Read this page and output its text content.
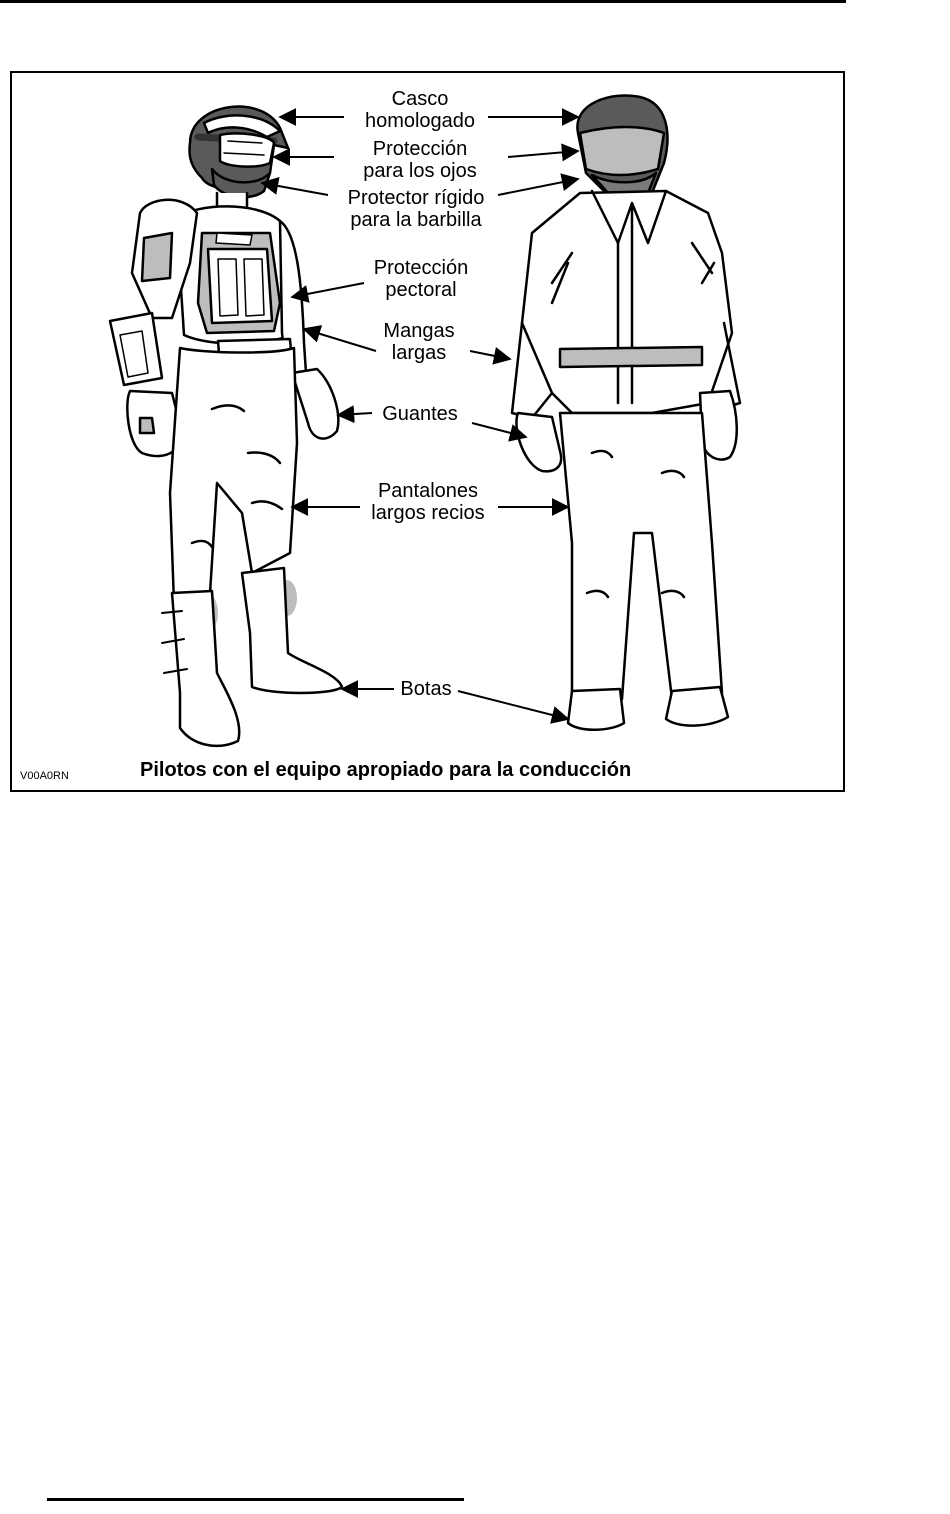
Casco
homologado
Protección
para los ojos
Protector rígido
para la barbilla
Protección
pectoral
Mangas
largas
Guantes
Pantalones
largos recios
Botas
V00A0RN	Pilotos con el equipo apropiado para la conducción
